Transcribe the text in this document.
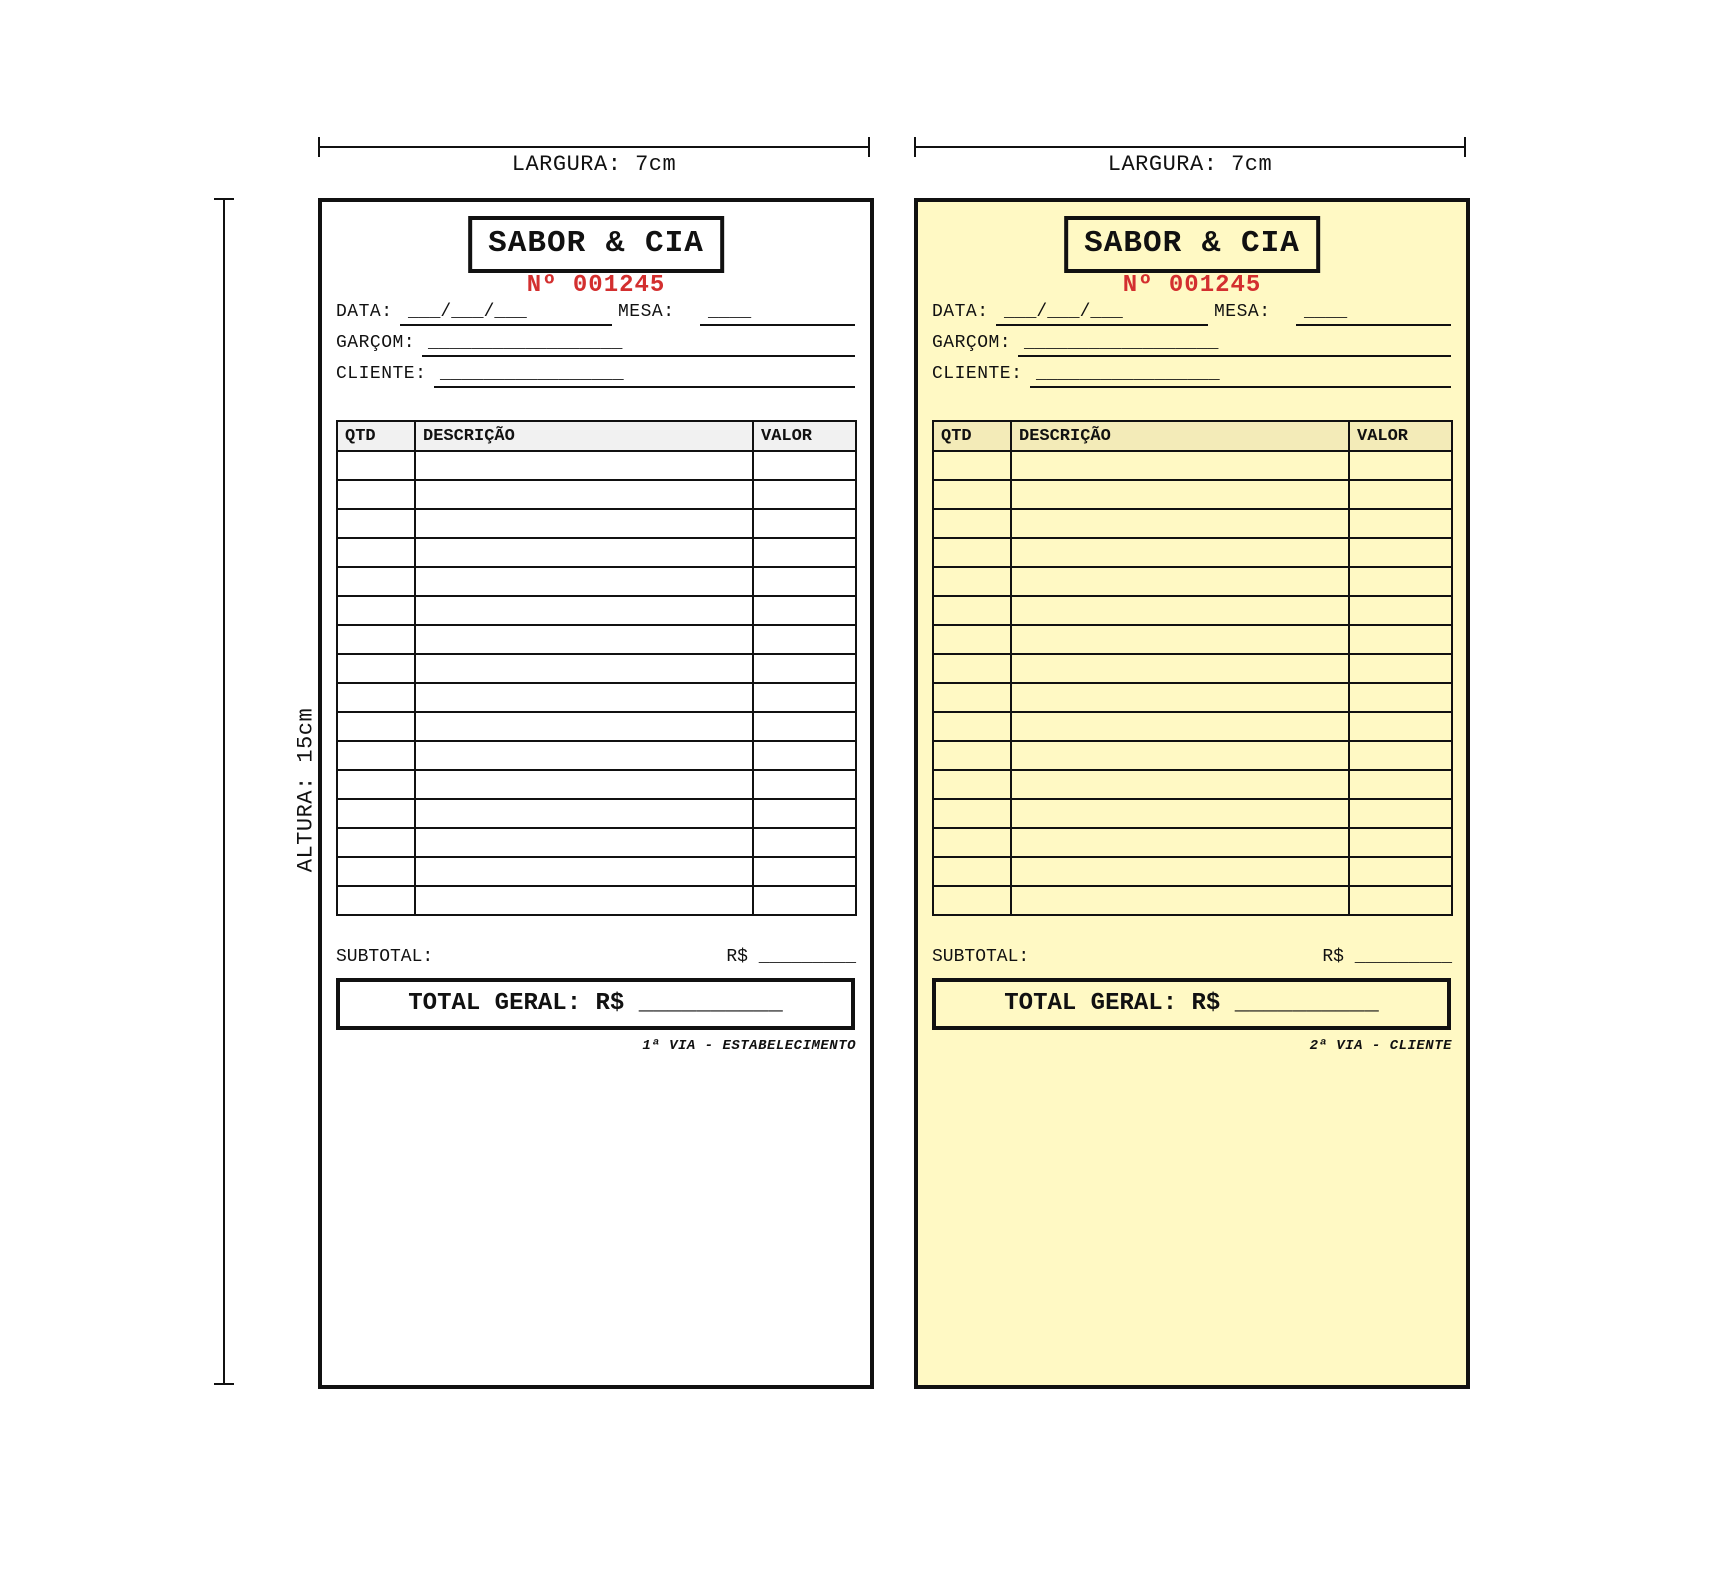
LARGURA: 7cm	LARGURA: 7cm
ALTURA: 15cm
SABOR & CIA
Nº 001245
DATA: ___/___/___	MESA: ____
GARÇOM: __________________
CLIENTE: _________________
QTD	DESCRIÇÃO	VALOR

SUBTOTAL:	R$ _________
TOTAL GERAL: R$ __________
1ª VIA - ESTABELECIMENTO
SABOR & CIA
Nº 001245
DATA: ___/___/___	MESA: ____
GARÇOM: __________________
CLIENTE: _________________
QTD	DESCRIÇÃO	VALOR

SUBTOTAL:	R$ _________
TOTAL GERAL: R$ __________
2ª VIA - CLIENTE
